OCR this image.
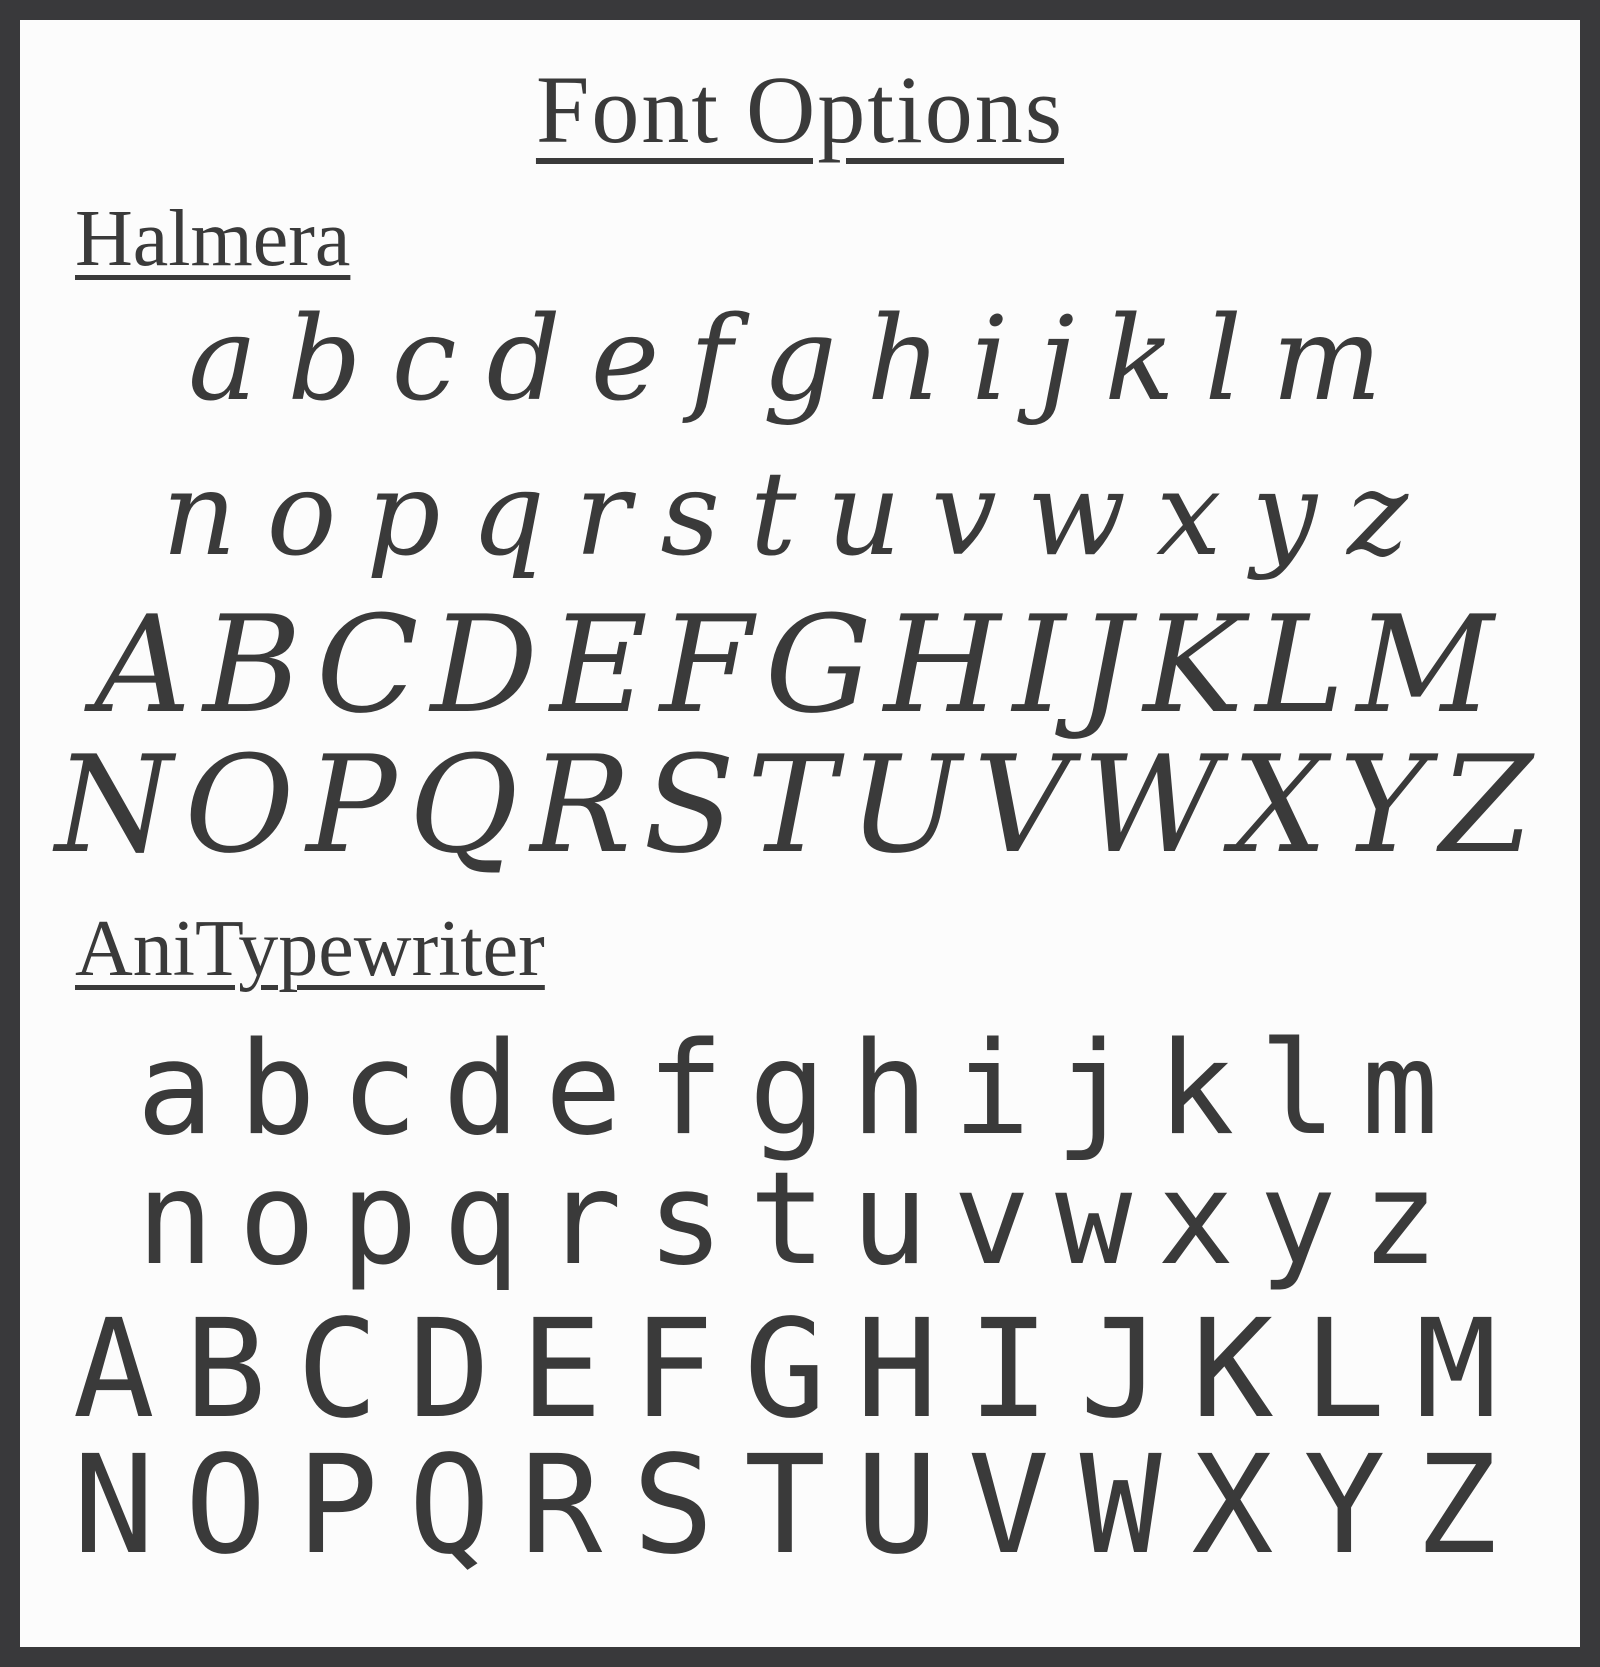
Font Options
Halmera
abcdefghijklm
nopqrstuvwxyz
ABCDEFGHIJKLM
NOPQRSTUVWXYZ
AniTypewriter
abcdefghijklm
nopqrstuvwxyz
ABCDEFGHIJKLM
NOPQRSTUVWXYZ
